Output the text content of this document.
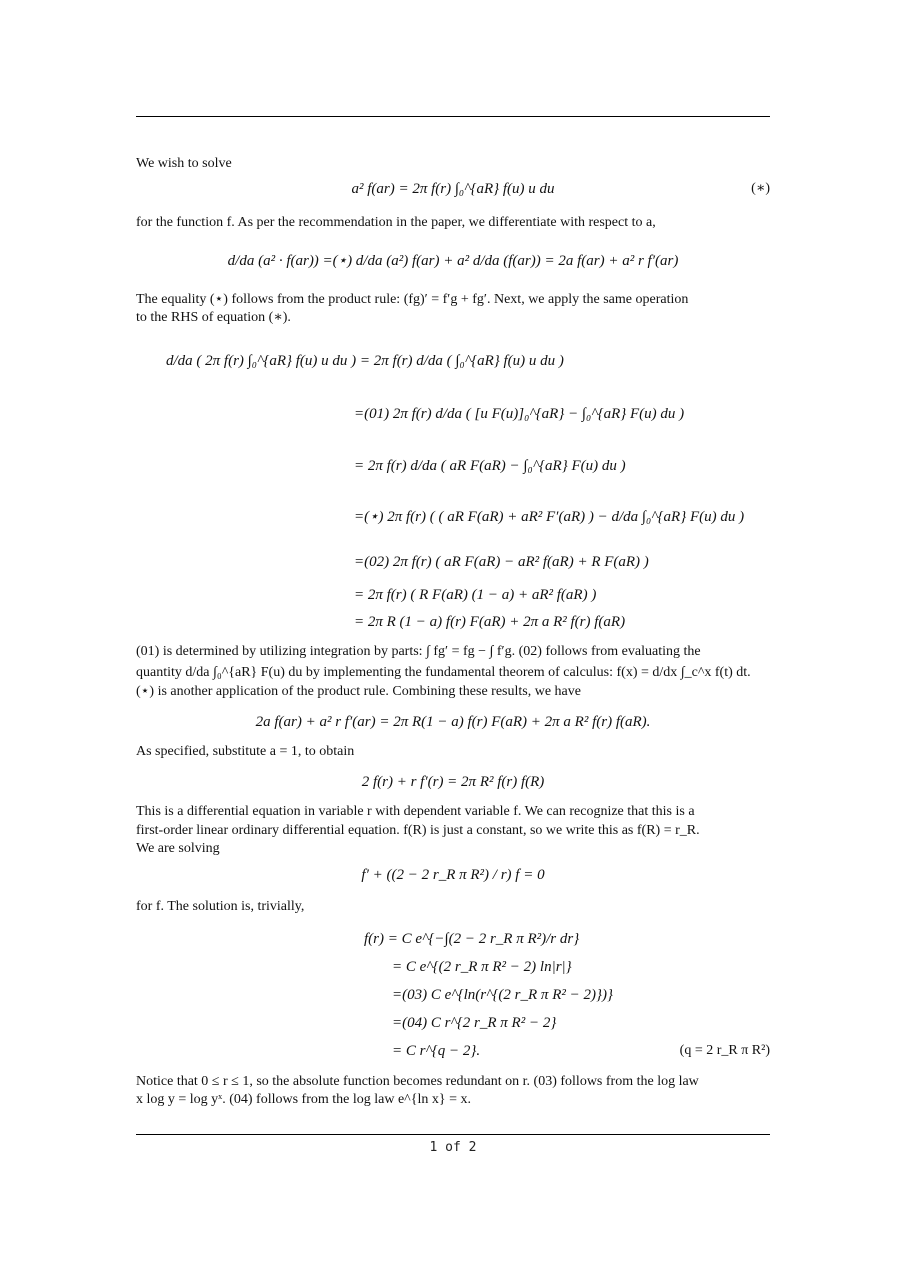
We wish to solve
a² f(ar) = 2π f(r) ∫₀^{aR} f(u) u du	(∗)
for the function f. As per the recommendation in the paper, we differentiate with respect to a,
d/da (a² · f(ar)) =(⋆) d/da (a²) f(ar) + a² d/da (f(ar)) = 2a f(ar) + a² r f′(ar)
The equality (⋆) follows from the product rule: (fg)′ = f′g + fg′. Next, we apply the same operation
to the RHS of equation (∗).
d/da ( 2π f(r) ∫₀^{aR} f(u) u du ) = 2π f(r) d/da ( ∫₀^{aR} f(u) u du )
=(01) 2π f(r) d/da ( [u F(u)]₀^{aR} − ∫₀^{aR} F(u) du )
= 2π f(r) d/da ( aR F(aR) − ∫₀^{aR} F(u) du )
=(⋆) 2π f(r) ( ( aR F(aR) + aR² F′(aR) ) − d/da ∫₀^{aR} F(u) du )
=(02) 2π f(r) ( aR F(aR) − aR² f(aR) + R F(aR) )
= 2π f(r) ( R F(aR) (1 − a) + aR² f(aR) )
= 2π R (1 − a) f(r) F(aR) + 2π a R² f(r) f(aR)
(01) is determined by utilizing integration by parts: ∫ fg′ = fg − ∫ f′g. (02) follows from evaluating the
quantity d/da ∫₀^{aR} F(u) du by implementing the fundamental theorem of calculus: f(x) = d/dx ∫_c^x f(t) dt.
(⋆) is another application of the product rule. Combining these results, we have
2a f(ar) + a² r f′(ar) = 2π R(1 − a) f(r) F(aR) + 2π a R² f(r) f(aR).
As specified, substitute a = 1, to obtain
2 f(r) + r f′(r) = 2π R² f(r) f(R)
This is a differential equation in variable r with dependent variable f. We can recognize that this is a
first-order linear ordinary differential equation. f(R) is just a constant, so we write this as f(R) = r_R.
We are solving
f′ + ((2 − 2 r_R π R²) / r) f = 0
for f. The solution is, trivially,
f(r) = C e^{−∫(2 − 2 r_R π R²)/r dr}
= C e^{(2 r_R π R² − 2) ln|r|}
=(03) C e^{ln(r^{(2 r_R π R² − 2)})}
=(04) C r^{2 r_R π R² − 2}
= C r^{q − 2}.	(q = 2 r_R π R²)
Notice that 0 ≤ r ≤ 1, so the absolute function becomes redundant on r. (03) follows from the log law
x log y = log yˣ. (04) follows from the log law e^{ln x} = x.
1 of 2
